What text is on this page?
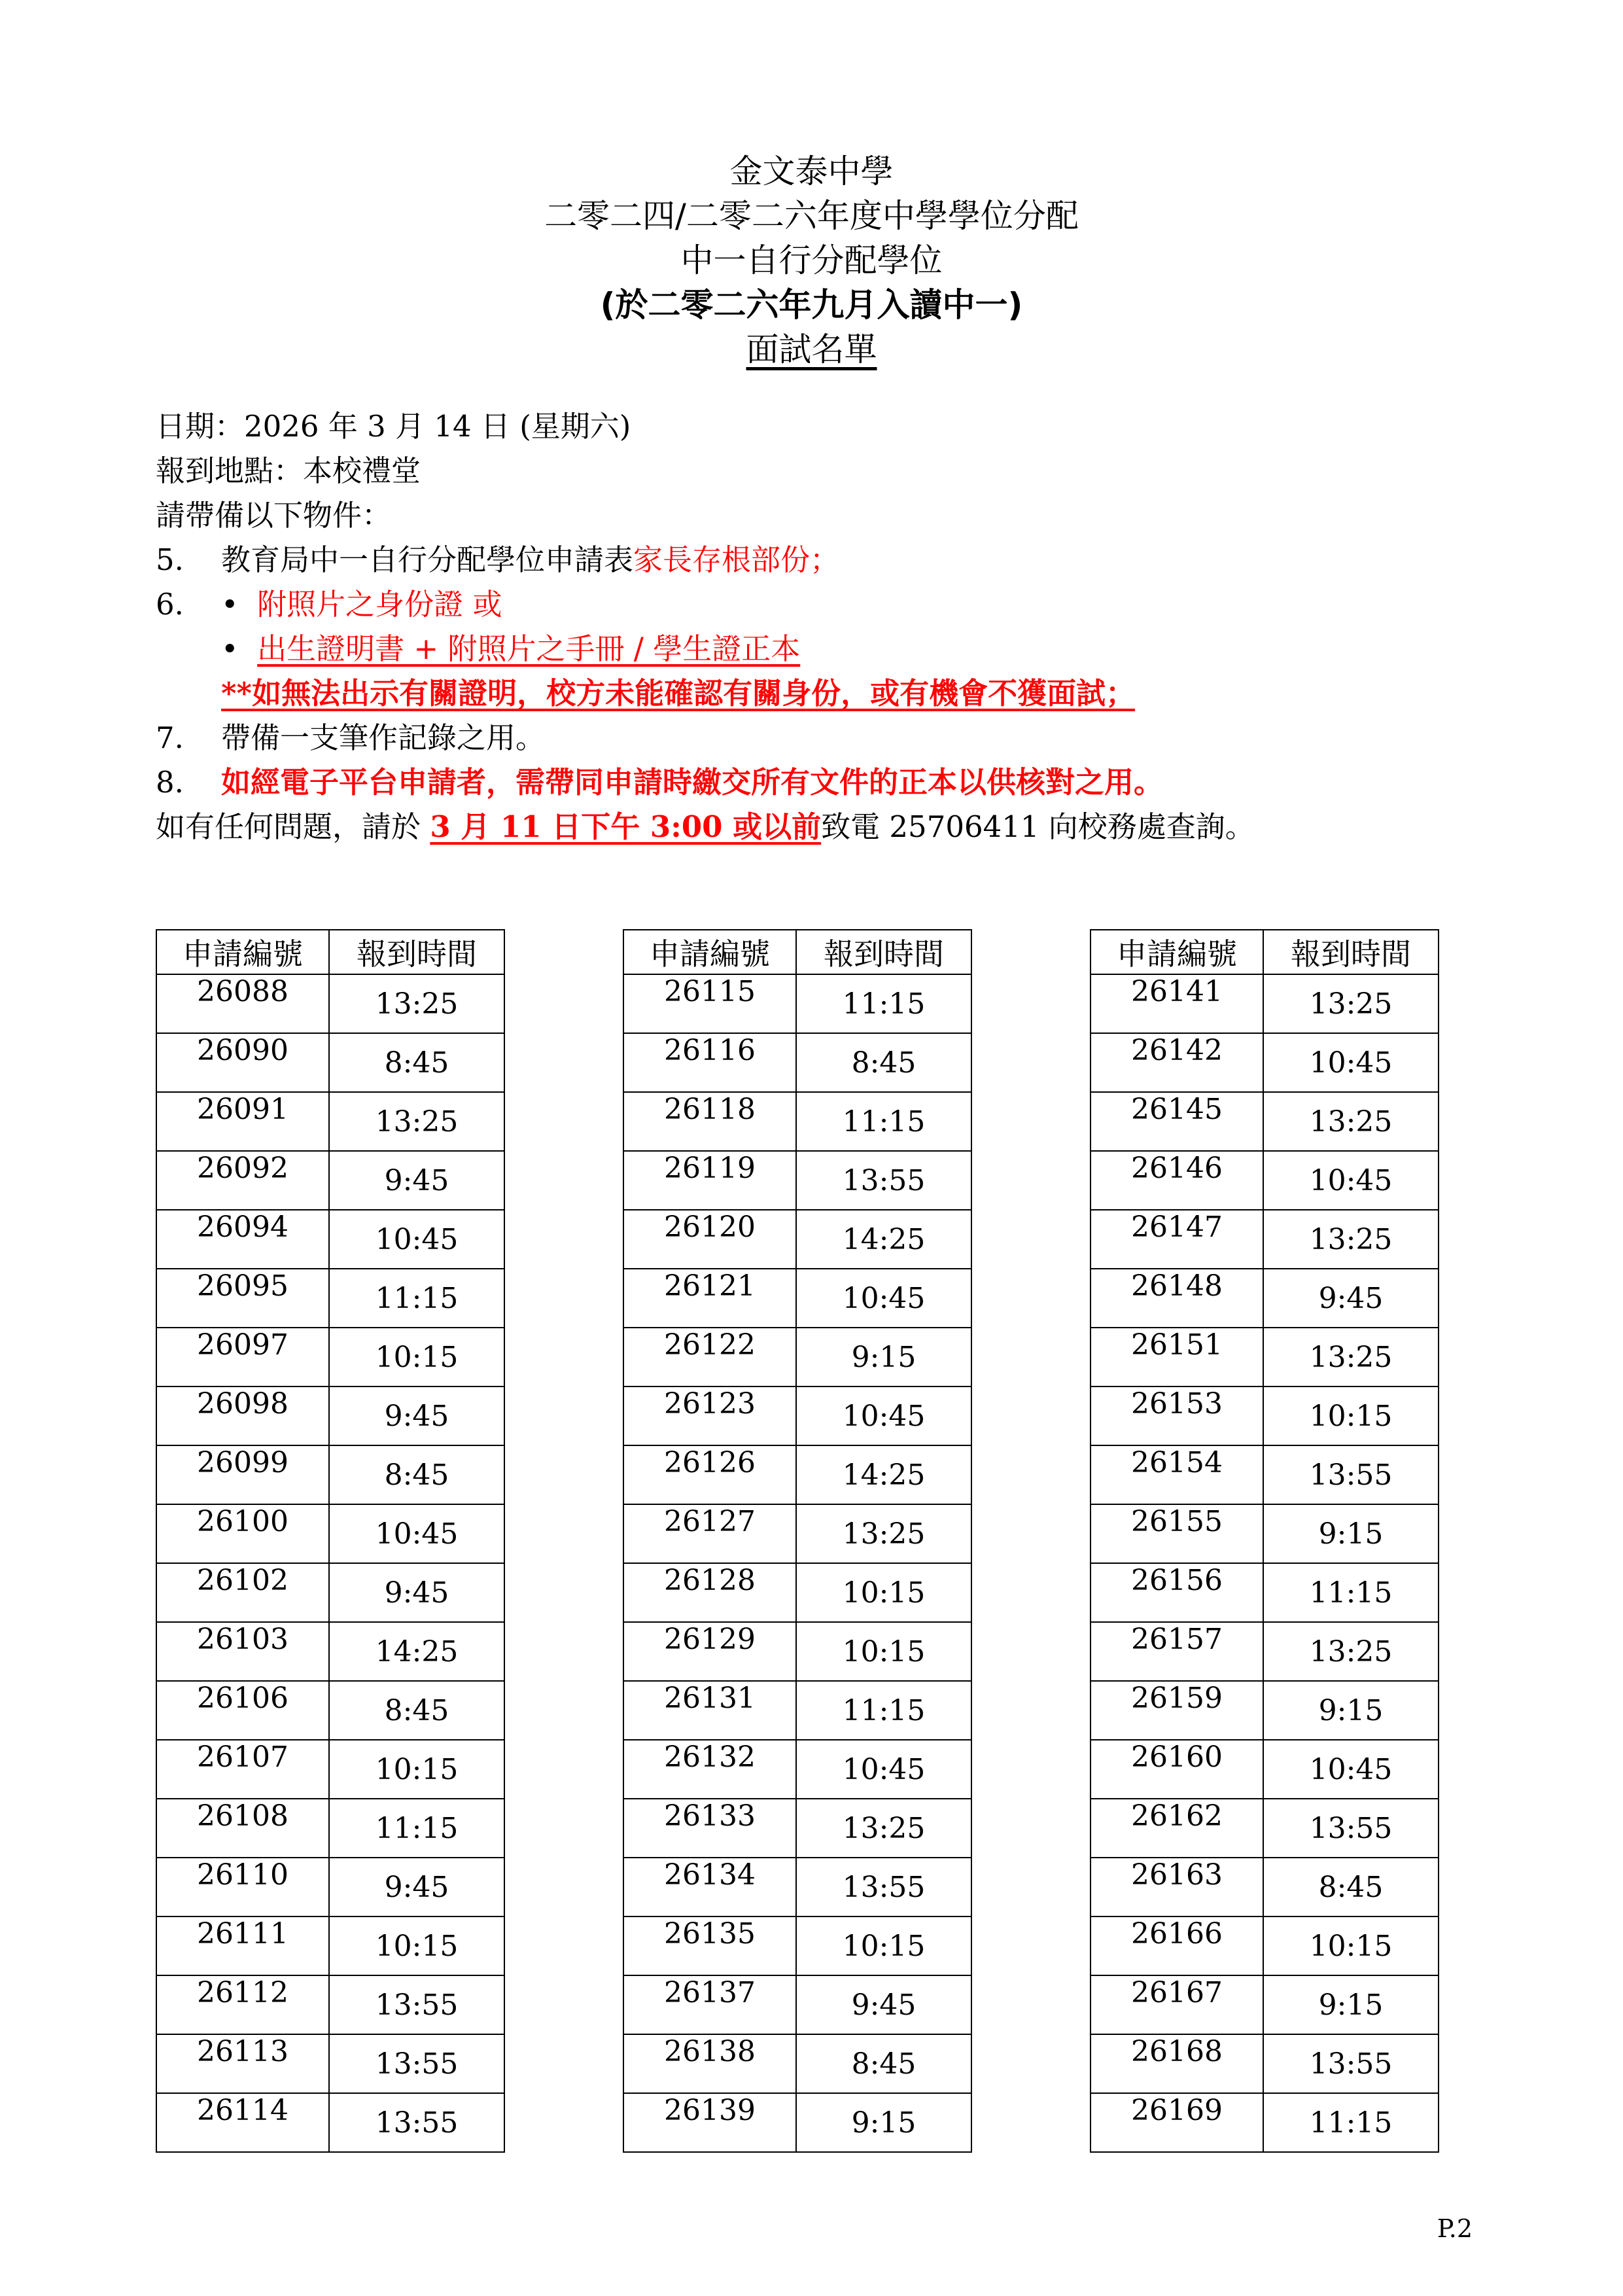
金文泰中學
二零二四/二零二六年度中學學位分配
中一自行分配學位
(於二零二六年九月入讀中一)
面試名單
日期：2026 年 3 月 14 日 (星期六)
報到地點：本校禮堂
請帶備以下物件：
5. 教育局中一自行分配學位申請表家長存根部份；
6. • 附照片之身份證 或
• 出生證明書 + 附照片之手冊 / 學生證正本
**如無法出示有關證明，校方未能確認有關身份，或有機會不獲面試；
7. 帶備一支筆作記錄之用。
8. 如經電子平台申請者，需帶同申請時繳交所有文件的正本以供核對之用。
如有任何問題，請於 3 月 11 日下午 3:00 或以前致電 25706411 向校務處查詢。
申請編號	報到時間
26088	13:25
26090	8:45
26091	13:25
26092	9:45
26094	10:45
26095	11:15
26097	10:15
26098	9:45
26099	8:45
26100	10:45
26102	9:45
26103	14:25
26106	8:45
26107	10:15
26108	11:15
26110	9:45
26111	10:15
26112	13:55
26113	13:55
26114	13:55
申請編號	報到時間
26115	11:15
26116	8:45
26118	11:15
26119	13:55
26120	14:25
26121	10:45
26122	9:15
26123	10:45
26126	14:25
26127	13:25
26128	10:15
26129	10:15
26131	11:15
26132	10:45
26133	13:25
26134	13:55
26135	10:15
26137	9:45
26138	8:45
26139	9:15
申請編號	報到時間
26141	13:25
26142	10:45
26145	13:25
26146	10:45
26147	13:25
26148	9:45
26151	13:25
26153	10:15
26154	13:55
26155	9:15
26156	11:15
26157	13:25
26159	9:15
26160	10:45
26162	13:55
26163	8:45
26166	10:15
26167	9:15
26168	13:55
26169	11:15
P.2
